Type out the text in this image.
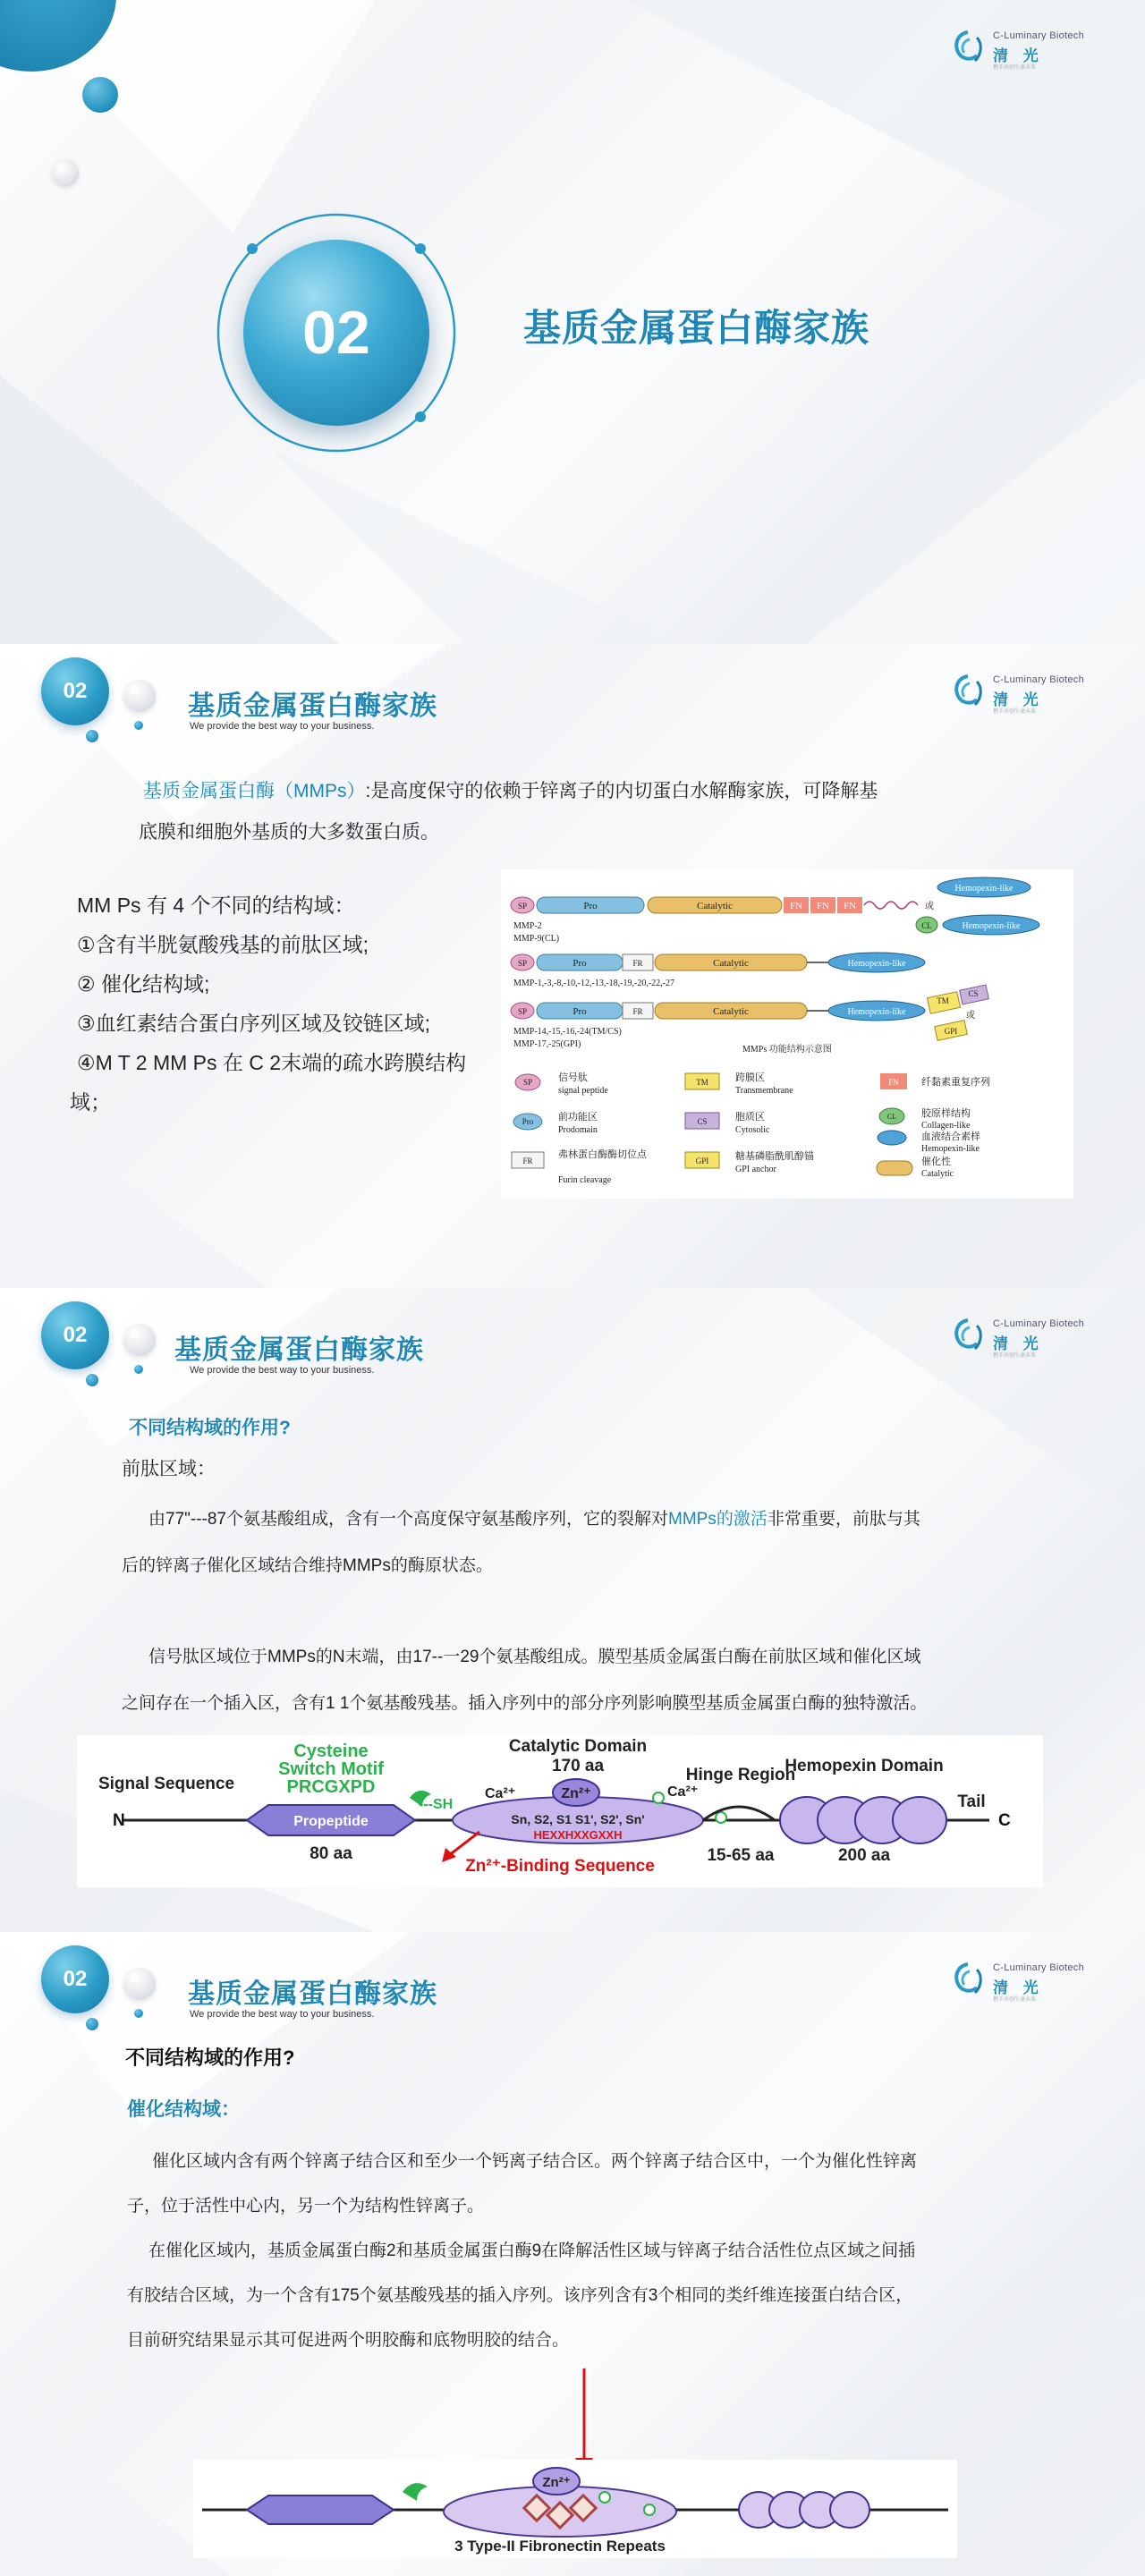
C-Luminary Biotech
清 光
携手共创生命未来
02	基质金属蛋白酶家族
02
基质金属蛋白酶家族
We provide the best way to your business.
C-Luminary Biotech
清 光
携手共创生命未来
基质金属蛋白酶（MMPs）:是高度保守的依赖于锌离子的内切蛋白水解酶家族，可降解基
底膜和细胞外基质的大多数蛋白质。
MM Ps 有 4 个不同的结构域：
①含有半胱氨酸残基的前肽区域;
② 催化结构域;
③血红素结合蛋白序列区域及铰链区域;
④M T 2 MM Ps 在 C 2末端的疏水跨膜结构
域；
SP	Pro	Catalytic	FN FN FN
Hemopexin-like
CL	Hemopexin-like
或
MMP-2
MMP-9(CL)
SP	Pro	FR	Catalytic	Hemopexin-like
MMP-1,-3,-8,-10,-12,-13,-18,-19,-20,-22,-27
SP	Pro	FR	Catalytic	Hemopexin-like
TM
CS
GPI
或
MMP-14,-15,-16,-24(TM/CS)
MMP-17,-25(GPI)
MMPs 功能结构示意图
SP	信号肽
signal peptide
TM	跨膜区
Transmembrane
FN 纤黏素重复序列
Pro	前功能区
Prodomain
CS	胞质区
Cytosolic
CL	胶原样结构
Collagen-like
血液结合素样
Hemopexin-like
FR
弗林蛋白酶酶切位点
Furin cleavage
GPI	糖基磷脂酰肌醇锚
GPI anchor
催化性
Catalytic
02
基质金属蛋白酶家族
We provide the best way to your business.
C-Luminary Biotech
清 光
携手共创生命未来
不同结构域的作用?
前肽区域：
由77"---87个氨基酸组成，含有一个高度保守氨基酸序列，它的裂解对MMPs的激活非常重要，前肽与其
后的锌离子催化区域结合维持MMPs的酶原状态。
信号肽区域位于MMPs的N末端，由17--一29个氨基酸组成。膜型基质金属蛋白酶在前肽区域和催化区域
之间存在一个插入区，含有1 1个氨基酸残基。插入序列中的部分序列影响膜型基质金属蛋白酶的独特激活。
N	C
Signal Sequence
Cysteine
Switch Motif
PRCGXPD
---SH
Propeptide
80 aa
Catalytic Domain
170 aa
Ca²⁺	Ca²⁺
Zn²⁺
Sn, S2, S1 S1', S2', Sn'
HEXXHXXGXXH
Zn²⁺-Binding Sequence
Hinge Region
15-65 aa
Hemopexin Domain
200 aa
Tail
02
基质金属蛋白酶家族
We provide the best way to your business.
C-Luminary Biotech
清 光
携手共创生命未来
不同结构域的作用?
催化结构域：
催化区域内含有两个锌离子结合区和至少一个钙离子结合区。两个锌离子结合区中，一个为催化性锌离
子，位于活性中心内，另一个为结构性锌离子。
在催化区域内，基质金属蛋白酶2和基质金属蛋白酶9在降解活性区域与锌离子结合活性位点区域之间插
有胶结合区域，为一个含有175个氨基酸残基的插入序列。该序列含有3个相同的类纤维连接蛋白结合区，
目前研究结果显示其可促进两个明胶酶和底物明胶的结合。
Zn²⁺
3 Type-II Fibronectin Repeats
